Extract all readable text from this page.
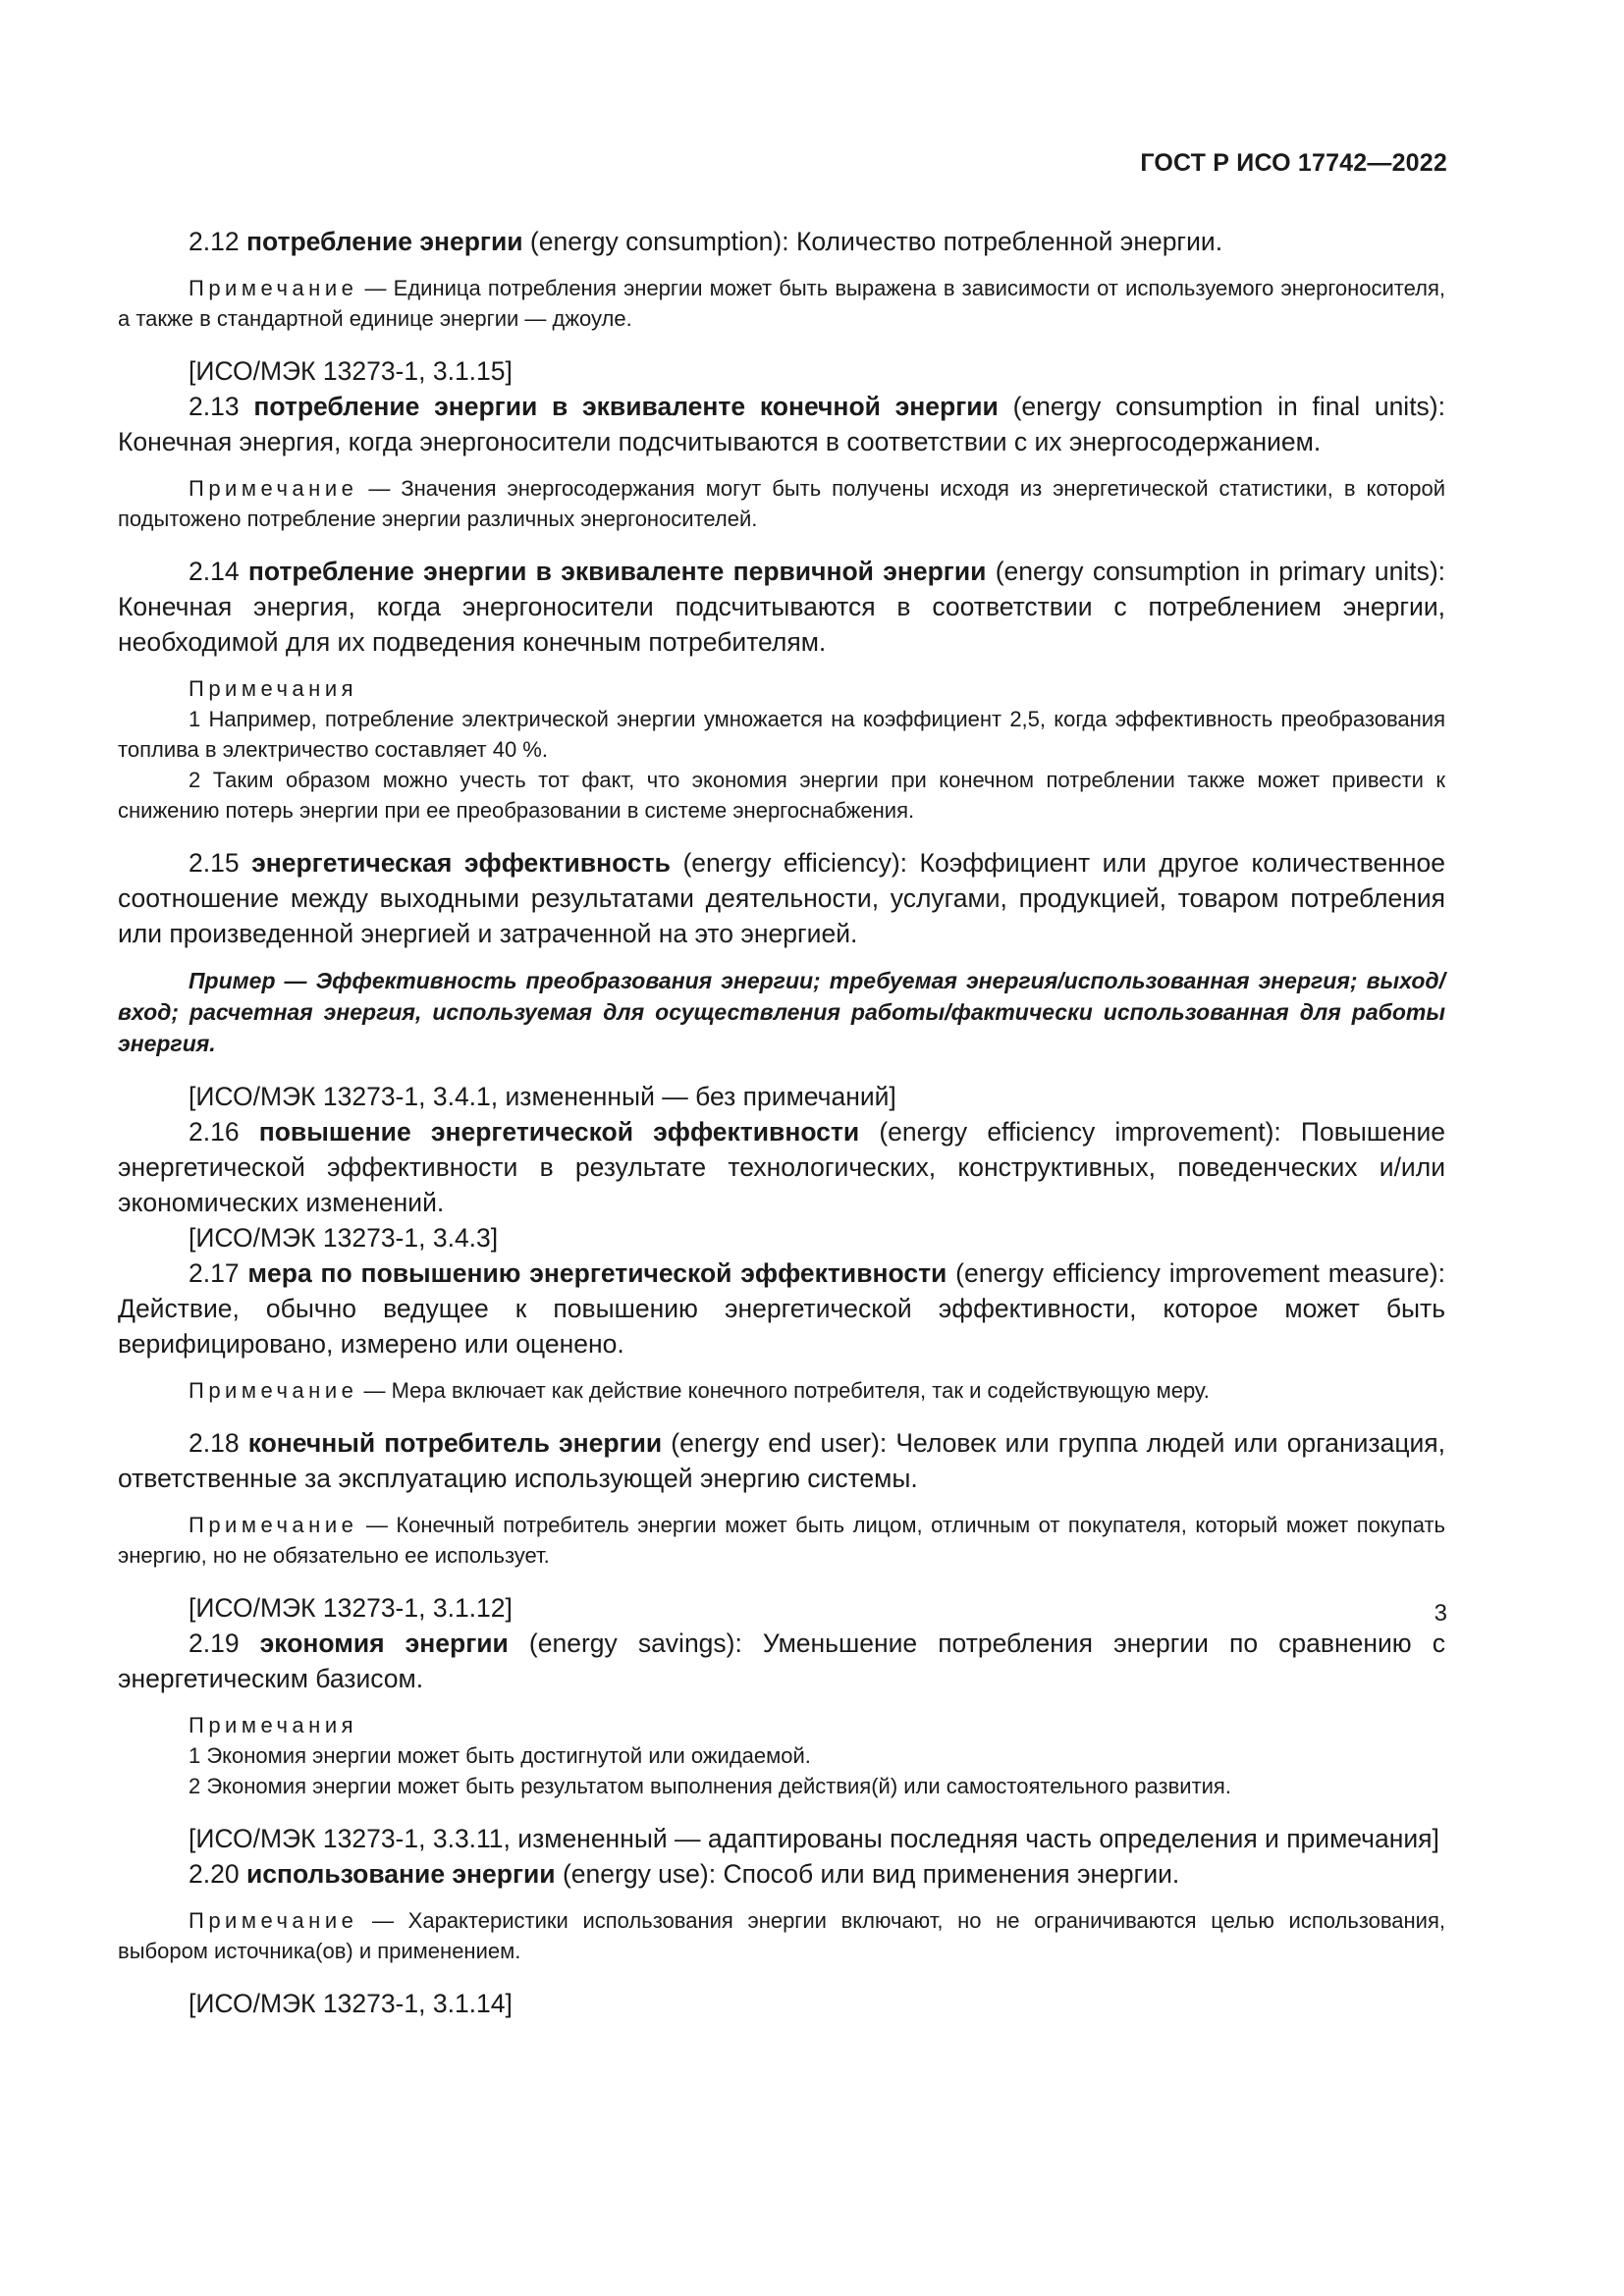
ГОСТ Р ИСО 17742—2022

2.12 потребление энергии (energy consumption): Количество потребленной энергии.

Примечание — Единица потребления энергии может быть выражена в зависимости от используемого энергоносителя, а также в стандартной единице энергии — джоуле.

[ИСО/МЭК 13273-1, 3.1.15]

2.13 потребление энергии в эквиваленте конечной энергии (energy consumption in final units): Конечная энергия, когда энергоносители подсчитываются в соответствии с их энергосодержанием.

Примечание — Значения энергосодержания могут быть получены исходя из энергетической статистики, в которой подытожено потребление энергии различных энергоносителей.

2.14 потребление энергии в эквиваленте первичной энергии (energy consumption in primary units): Конечная энергия, когда энергоносители подсчитываются в соответствии с потреблением энергии, необходимой для их подведения конечным потребителям.

Примечания

1 Например, потребление электрической энергии умножается на коэффициент 2,5, когда эффективность преобразования топлива в электричество составляет 40 %.

2 Таким образом можно учесть тот факт, что экономия энергии при конечном потреблении также может привести к снижению потерь энергии при ее преобразовании в системе энергоснабжения.

2.15 энергетическая эффективность (energy efficiency): Коэффициент или другое количественное соотношение между выходными результатами деятельности, услугами, продукцией, товаром потребления или произведенной энергией и затраченной на это энергией.

Пример — Эффективность преобразования энергии; требуемая энергия/использованная энергия; выход/вход; расчетная энергия, используемая для осуществления работы/фактически использованная для работы энергия.

[ИСО/МЭК 13273-1, 3.4.1, измененный — без примечаний]

2.16 повышение энергетической эффективности (energy efficiency improvement): Повышение энергетической эффективности в результате технологических, конструктивных, поведенческих и/или экономических изменений.

[ИСО/МЭК 13273-1, 3.4.3]

2.17 мера по повышению энергетической эффективности (energy efficiency improvement measure): Действие, обычно ведущее к повышению энергетической эффективности, которое может быть верифицировано, измерено или оценено.

Примечание — Мера включает как действие конечного потребителя, так и содействующую меру.

2.18 конечный потребитель энергии (energy end user): Человек или группа людей или организация, ответственные за эксплуатацию использующей энергию системы.

Примечание — Конечный потребитель энергии может быть лицом, отличным от покупателя, который может покупать энергию, но не обязательно ее использует.

[ИСО/МЭК 13273-1, 3.1.12]

2.19 экономия энергии (energy savings): Уменьшение потребления энергии по сравнению с энергетическим базисом.

Примечания

1 Экономия энергии может быть достигнутой или ожидаемой.

2 Экономия энергии может быть результатом выполнения действия(й) или самостоятельного развития.

[ИСО/МЭК 13273-1, 3.3.11, измененный — адаптированы последняя часть определения и примечания]

2.20 использование энергии (energy use): Способ или вид применения энергии.

Примечание — Характеристики использования энергии включают, но не ограничиваются целью использования, выбором источника(ов) и применением.

[ИСО/МЭК 13273-1, 3.1.14]

3
